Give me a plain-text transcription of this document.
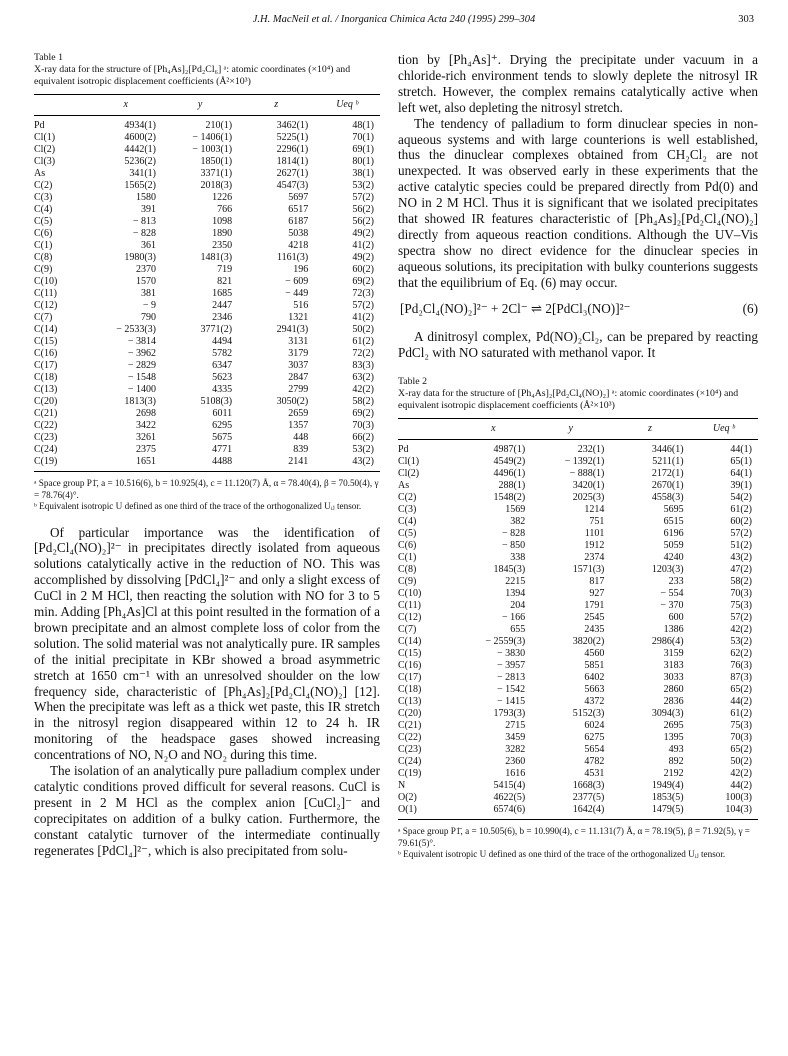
J.H. MacNeil et al. / Inorganica Chimica Acta 240 (1995) 299–304	303
Table 1
X-ray data for the structure of [Ph₄As]₂[Pd₂Cl₆] ᵃ: atomic coordinates (×10⁴) and equivalent isotropic displacement coefficients (Å²×10³)
	x	y	z	Ueq ᵇ
Pd	4934(1)	210(1)	3462(1)	48(1)
Cl(1)	4600(2)	− 1406(1)	5225(1)	70(1)
Cl(2)	4442(1)	− 1003(1)	2296(1)	69(1)
Cl(3)	5236(2)	1850(1)	1814(1)	80(1)
As	341(1)	3371(1)	2627(1)	38(1)
C(2)	1565(2)	2018(3)	4547(3)	53(2)
C(3)	1580	1226	5697	57(2)
C(4)	391	766	6517	56(2)
C(5)	− 813	1098	6187	56(2)
C(6)	− 828	1890	5038	49(2)
C(1)	361	2350	4218	41(2)
C(8)	1980(3)	1481(3)	1161(3)	49(2)
C(9)	2370	719	196	60(2)
C(10)	1570	821	− 609	69(2)
C(11)	381	1685	− 449	72(3)
C(12)	− 9	2447	516	57(2)
C(7)	790	2346	1321	41(2)
C(14)	− 2533(3)	3771(2)	2941(3)	50(2)
C(15)	− 3814	4494	3131	61(2)
C(16)	− 3962	5782	3179	72(2)
C(17)	− 2829	6347	3037	83(3)
C(18)	− 1548	5623	2847	63(2)
C(13)	− 1400	4335	2799	42(2)
C(20)	1813(3)	5108(3)	3050(2)	58(2)
C(21)	2698	6011	2659	69(2)
C(22)	3422	6295	1357	70(3)
C(23)	3261	5675	448	66(2)
C(24)	2375	4771	839	53(2)
C(19)	1651	4488	2141	43(2)
ᵃ Space group P1̄, a = 10.516(6), b = 10.925(4), c = 11.120(7) Å, α = 78.40(4), β = 70.50(4), γ = 78.76(4)°.
ᵇ Equivalent isotropic U defined as one third of the trace of the orthogonalized Uᵢⱼ tensor.

Of particular importance was the identification of [Pd₂Cl₄(NO)₂]²⁻ in precipitates directly isolated from aqueous solutions catalytically active in the reduction of NO. This was accomplished by dissolving [PdCl₄]²⁻ and only a slight excess of CuCl in 2 M HCl, then reacting the solution with NO for 3 to 5 min. Adding [Ph₄As]Cl at this point resulted in the formation of a brown precipitate and an almost complete loss of color from the solution. The solid material was not analytically pure. IR samples of the initial precipitate in KBr showed a broad asymmetric stretch at 1650 cm⁻¹ with an unresolved shoulder on the low frequency side, characteristic of [Ph₄As]₂[Pd₂Cl₄(NO)₂] [12]. When the precipitate was left as a thick wet paste, this IR stretch in the nitrosyl region disappeared within 12 to 24 h. IR monitoring of the headspace gases showed increasing concentrations of NO, N₂O and NO₂ during this time.

The isolation of an analytically pure palladium complex under catalytic conditions proved difficult for several reasons. CuCl is present in 2 M HCl as the complex anion [CuCl₂]⁻ and coprecipitates on addition of a bulky cation. Furthermore, the constant catalytic turnover of the intermediate continually regenerates [PdCl₄]²⁻, which is also precipitated from solu-

tion by [Ph₄As]⁺. Drying the precipitate under vacuum in a chloride-rich environment tends to slowly deplete the nitrosyl IR stretch. However, the complex remains catalytically active when left wet, also depleting the nitrosyl stretch.

The tendency of palladium to form dinuclear species in non-aqueous systems and with large counterions is well established, thus the dinuclear complexes obtained from CH₂Cl₂ are not unexpected. It was observed early in these experiments that the active catalytic species could be prepared directly from Pd(0) and NO in 2 M HCl. Thus it is significant that we isolated precipitates that showed IR features characteristic of [Ph₄As]₂[Pd₂Cl₄(NO)₂] directly from aqueous reaction conditions. Although the UV–Vis spectra show no direct evidence for the dinuclear species in aqueous solutions, its precipitation with bulky counterions suggests that the equilibrium of Eq. (6) may occur.

[Pd₂Cl₄(NO)₂]²⁻ + 2Cl⁻ ⇌ 2[PdCl₃(NO)]²⁻	(6)

A dinitrosyl complex, Pd(NO)₂Cl₂, can be prepared by reacting PdCl₂ with NO saturated with methanol vapor. It

Table 2
X-ray data for the structure of [Ph₄As]₂[Pd₂Cl₄(NO)₂] ᵃ: atomic coordinates (×10⁴) and equivalent isotropic displacement coefficients (Å²×10³)
	x	y	z	Ueq ᵇ
Pd	4987(1)	232(1)	3446(1)	44(1)
Cl(1)	4549(2)	− 1392(1)	5211(1)	65(1)
Cl(2)	4496(1)	− 888(1)	2172(1)	64(1)
As	288(1)	3420(1)	2670(1)	39(1)
C(2)	1548(2)	2025(3)	4558(3)	54(2)
C(3)	1569	1214	5695	61(2)
C(4)	382	751	6515	60(2)
C(5)	− 828	1101	6196	57(2)
C(6)	− 850	1912	5059	51(2)
C(1)	338	2374	4240	43(2)
C(8)	1845(3)	1571(3)	1203(3)	47(2)
C(9)	2215	817	233	58(2)
C(10)	1394	927	− 554	70(3)
C(11)	204	1791	− 370	75(3)
C(12)	− 166	2545	600	57(2)
C(7)	655	2435	1386	42(2)
C(14)	− 2559(3)	3820(2)	2986(4)	53(2)
C(15)	− 3830	4560	3159	62(2)
C(16)	− 3957	5851	3183	76(3)
C(17)	− 2813	6402	3033	87(3)
C(18)	− 1542	5663	2860	65(2)
C(13)	− 1415	4372	2836	44(2)
C(20)	1793(3)	5152(3)	3094(3)	61(2)
C(21)	2715	6024	2695	75(3)
C(22)	3459	6275	1395	70(3)
C(23)	3282	5654	493	65(2)
C(24)	2360	4782	892	50(2)
C(19)	1616	4531	2192	42(2)
N	5415(4)	1668(3)	1949(4)	44(2)
O(2)	4622(5)	2377(5)	1853(5)	100(3)
O(1)	6574(6)	1642(4)	1479(5)	104(3)
ᵃ Space group P1̄, a = 10.505(6), b = 10.990(4), c = 11.131(7) Å, α = 78.19(5), β = 71.92(5), γ = 79.61(5)°.
ᵇ Equivalent isotropic U defined as one third of the trace of the orthogonalized Uᵢⱼ tensor.
